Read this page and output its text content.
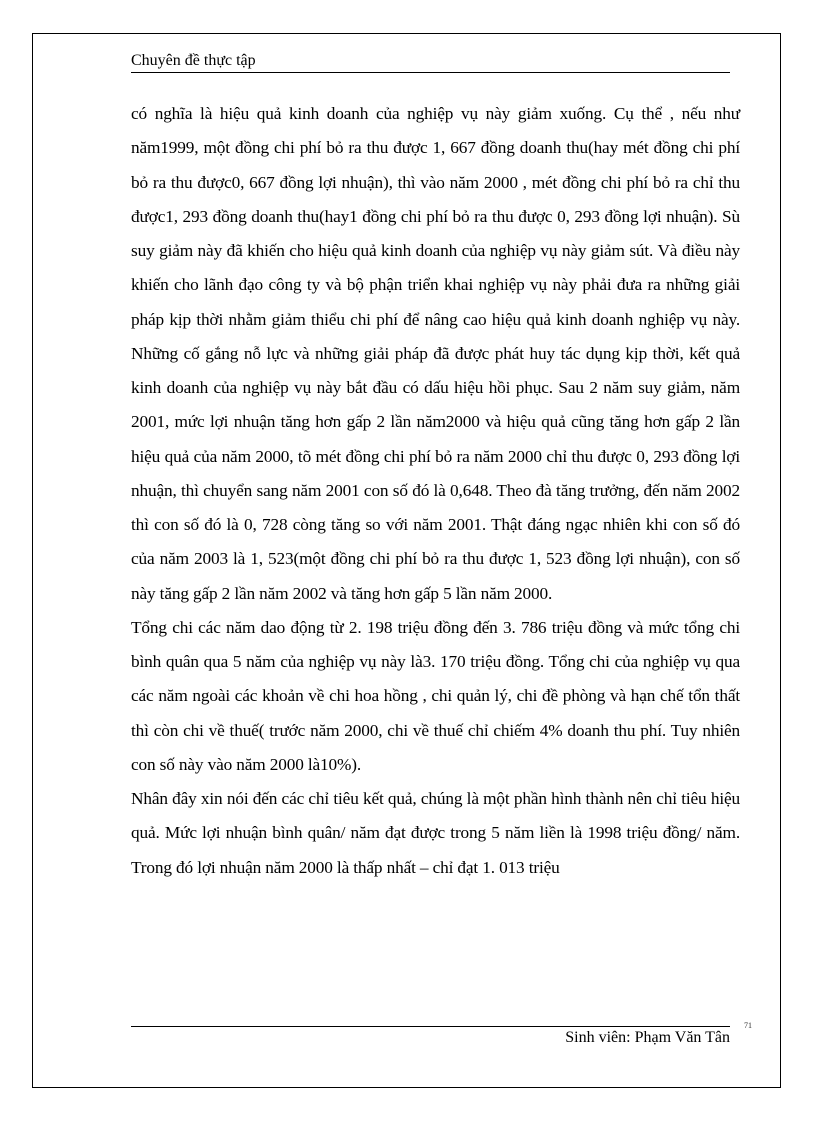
Chuyên đề thực tập

có nghĩa là hiệu quả kinh doanh của nghiệp vụ này giảm xuống. Cụ thể , nếu như năm1999, một đồng chi phí bỏ ra thu được 1, 667 đồng doanh thu(hay mét đồng chi phí bỏ ra thu được0, 667 đồng lợi nhuận), thì vào năm 2000 , mét đồng chi phí bỏ ra chỉ thu được1, 293 đồng doanh thu(hay1 đồng chi phí bỏ ra thu được 0, 293 đồng lợi nhuận). Sù suy giảm này đã khiến cho hiệu quả kinh doanh của nghiệp vụ này giảm sút. Và điều này khiến cho lãnh đạo công ty và bộ phận triển khai nghiệp vụ này phải đưa ra những giải pháp kịp thời nhằm giảm thiểu chi phí để nâng cao hiệu quả kinh doanh nghiệp vụ này. Những cố gắng nỗ lực và những giải pháp đã được phát huy tác dụng kịp thời, kết quả kinh doanh của nghiệp vụ này bắt đầu có dấu hiệu hồi phục. Sau 2 năm suy giảm, năm 2001, mức lợi nhuận tăng hơn gấp 2 lần năm2000 và hiệu quả cũng tăng hơn gấp 2 lần hiệu quả của năm 2000, tõ mét đồng chi phí bỏ ra năm 2000 chỉ thu được 0, 293 đồng lợi nhuận, thì chuyển sang năm 2001 con số đó là 0,648. Theo đà tăng trưởng, đến năm 2002 thì con số đó là 0, 728 còng tăng so với năm 2001. Thật đáng ngạc nhiên khi con số đó của năm 2003 là 1, 523(một đồng chi phí bỏ ra thu được 1, 523 đồng lợi nhuận), con số này tăng gấp 2 lần năm 2002 và tăng hơn gấp 5 lần năm 2000.

Tổng chi các năm dao động từ 2. 198 triệu đồng đến 3. 786 triệu đồng và mức tổng chi bình quân qua 5 năm của nghiệp vụ này là3. 170 triệu đồng. Tổng chi của nghiệp vụ qua các năm ngoài các khoản về chi hoa hồng , chi quản lý, chi đề phòng và hạn chế tổn thất thì còn chi về thuế( trước năm 2000, chi về thuế chỉ chiếm 4% doanh thu phí. Tuy nhiên con số này vào năm 2000 là10%).

Nhân đây xin nói đến các chỉ tiêu kết quả, chúng là một phần hình thành nên chỉ tiêu hiệu quả. Mức lợi nhuận bình quân/ năm đạt được trong 5 năm liền là 1998 triệu đồng/ năm. Trong đó lợi nhuận năm 2000 là thấp nhất – chỉ đạt 1. 013 triệu

71
Sinh viên: Phạm Văn Tân
